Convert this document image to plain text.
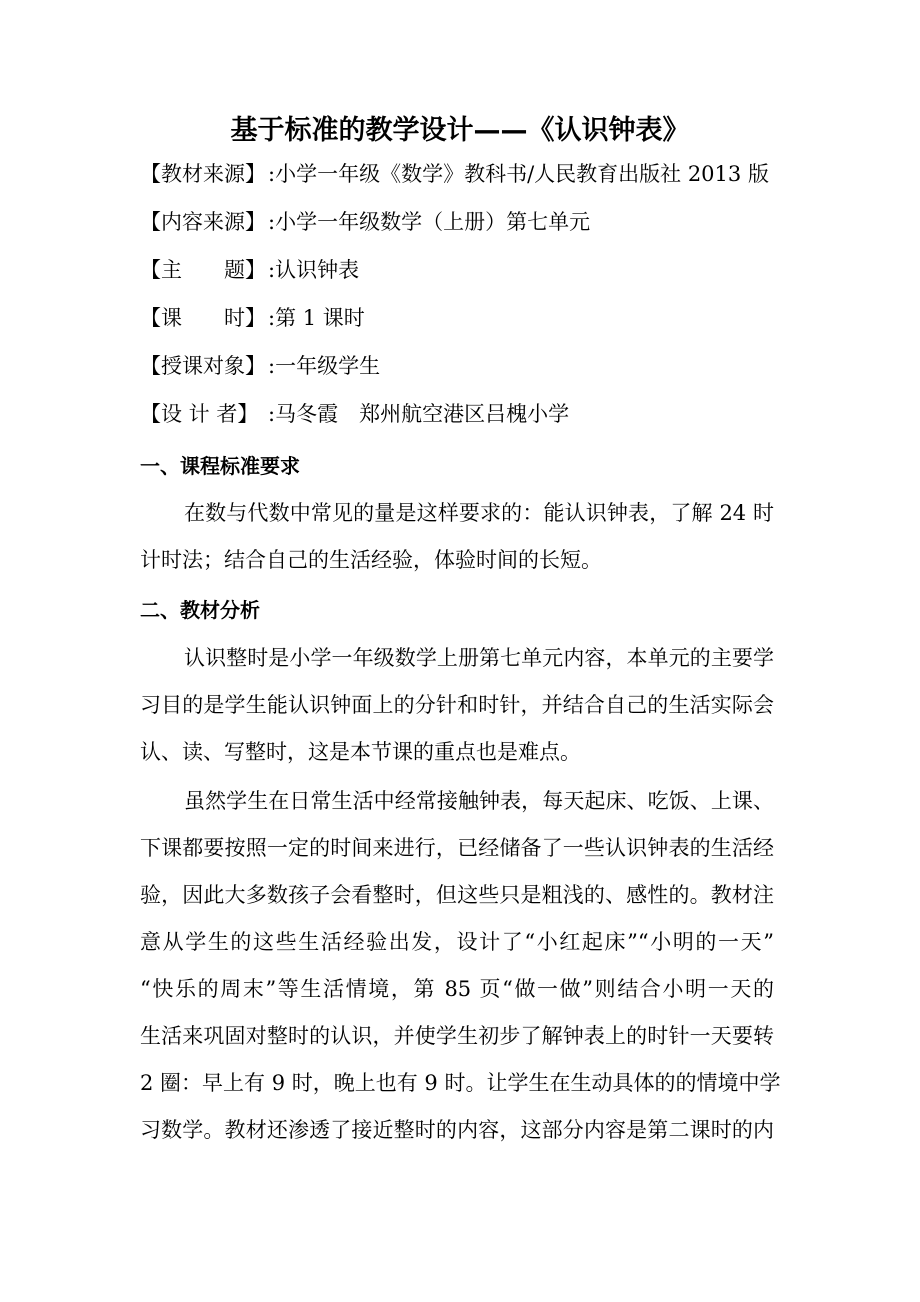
基于标准的教学设计——《认识钟表》
【教材来源】:小学一年级《数学》教科书/人民教育出版社 2013 版
【内容来源】:小学一年级数学（上册）第七单元
【主　　题】:认识钟表
【课　　时】:第 1 课时
【授课对象】:一年级学生
【设 计 者】 :马冬霞　郑州航空港区吕槐小学
一、课程标准要求
在数与代数中常见的量是这样要求的：能认识钟表，了解 24 时
计时法；结合自己的生活经验，体验时间的长短。
二、教材分析
认识整时是小学一年级数学上册第七单元内容，本单元的主要学
习目的是学生能认识钟面上的分针和时针，并结合自己的生活实际会
认、读、写整时，这是本节课的重点也是难点。
虽然学生在日常生活中经常接触钟表，每天起床、吃饭、上课、
下课都要按照一定的时间来进行，已经储备了一些认识钟表的生活经
验，因此大多数孩子会看整时，但这些只是粗浅的、感性的。教材注
意从学生的这些生活经验出发，设计了“小红起床”“小明的一天”
“快乐的周末”等生活情境，第 85 页“做一做”则结合小明一天的
生活来巩固对整时的认识，并使学生初步了解钟表上的时针一天要转
2 圈：早上有 9 时，晚上也有 9 时。让学生在生动具体的的情境中学
习数学。教材还渗透了接近整时的内容，这部分内容是第二课时的内
